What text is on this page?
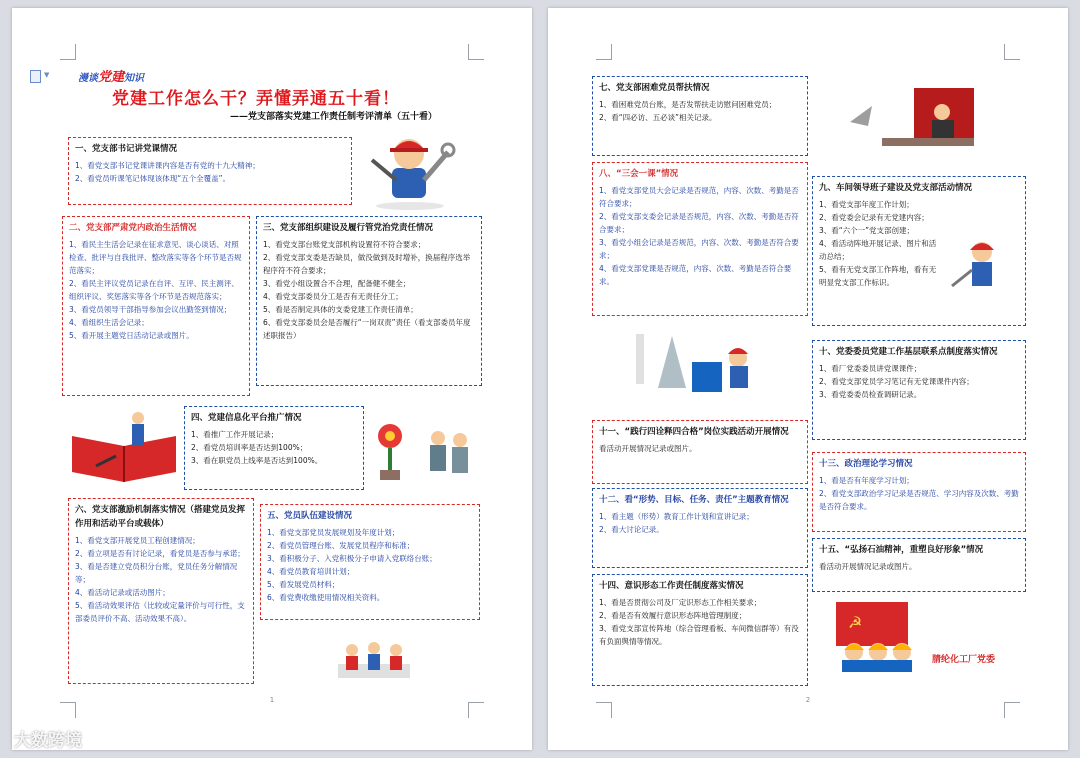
▼	漫谈党建知识
党建工作怎么干？弄懂弄通五十看！
——党支部落实党建工作责任制考评清单（五十看）
一、党支部书记讲党课情况
1、看党支部书记党课讲课内容是否有党的十九大精神；
2、看党员听课笔记体现该体现“五个全覆盖”。
二、党支部严肃党内政治生活情况
1、看民主生活会记录在征求意见、谈心谈话、对照检查、批评与自我批评、整改落实等各个环节是否规范落实；
2、看民主评议党员记录在自评、互评、民主测评、组织评议、奖惩落实等各个环节是否规范落实；
3、看党员领导干部指导参加会议出勤签到情况；
4、看组织生活会记录；
5、看开展主题党日活动记录或图片。
三、党支部组织建设及履行管党治党责任情况
1、看党支部台账党支部机构设置符不符合要求；
2、看党支部支委是否缺员，做没做到及时增补，换届程序选举程序符不符合要求；
3、看党小组设置合不合理，配备健不健全；
4、看党支部委员分工是否有无责任分工；
5、看是否制定具体的支委党建工作责任清单；
6、看党支部委员会是否履行“一岗双责”责任（看支部委员年度述职报告）
四、党建信息化平台推广情况
1、看推广工作开展记录；
2、看党员培训率是否达到100%；
3、看在职党员上线率是否达到100%。
六、党支部激励机制落实情况（搭建党员发挥作用和活动平台或载体）
1、看党支部开展党员工程创建情况；
2、看立项是否有讨论记录，看党员是否参与承诺；
3、看是否建立党员积分台账，党员任务分解情况等；
4、看活动记录或活动图片；
5、看活动效果评估（比较或定量评价与可行性，支部委员评价不高、活动效果不高）。
五、党员队伍建设情况
1、看党支部党员发展规划及年度计划；
2、看党员管理台账、发展党员程序和标准；
3、看积极分子、入党积极分子申请入党联络台账；
4、看党员教育培训计划；
5、看发展党员材料；
6、看党费收缴使用情况相关资料。
1
七、党支部困难党员帮扶情况
1、看困难党员台账，是否发帮扶走访慰问困难党员；
2、看“四必访、五必谈”相关记录。
八、“三会一课”情况
1、看党支部党员大会记录是否规范，内容、次数、考勤是否符合要求；
2、看党支部支委会记录是否规范，内容、次数、考勤是否符合要求；
3、看党小组会记录是否规范，内容、次数、考勤是否符合要求；
4、看党支部党课是否规范，内容、次数、考勤是否符合要求。
九、车间领导班子建设及党支部活动情况
1、看党支部年度工作计划；
2、看党委会记录有无党建内容；
3、看“六个一”党支部创建；
4、看活动阵地开展记录、图片和活动总结；
5、看有无党支部工作阵地，看有无明显党支部工作标识。
十、党委委员党建工作基层联系点制度落实情况
1、看厂党委委员讲党课课件；
2、看党支部党员学习笔记有无党课课件内容；
3、看党委委员检查调研记录。
十一、“践行四诠释四合格”岗位实践活动开展情况
看活动开展情况记录或图片。
十三、政治理论学习情况
1、看是否有年度学习计划；
2、看党支部政治学习记录是否规范、学习内容及次数、考勤是否符合要求。
十二、看“形势、目标、任务、责任”主题教育情况
1、看主题（形势）教育工作计划和宣讲记录；
2、看大讨论记录。
十五、“弘扬石油精神，重塑良好形象”情况
看活动开展情况记录或图片。
十四、意识形态工作责任制度落实情况
1、看是否贯彻公司及厂定识形态工作相关要求；
2、看是否有效履行意识形态阵地管理制度；
3、看党支部宣传阵地（综合管理看板、车间微信群等）有没有负面舆情等情况。
☭
腈纶化工厂党委
2
大数跨境
